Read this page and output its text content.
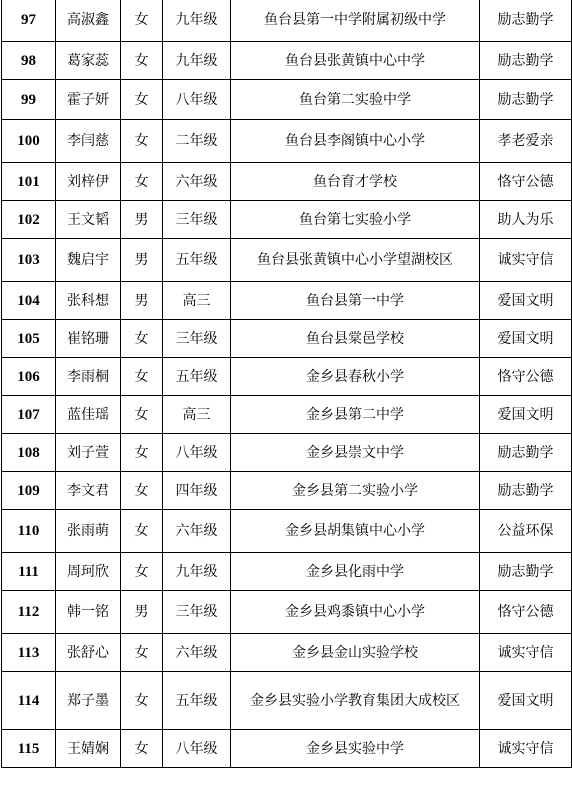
97	高淑鑫	女	九年级	鱼台县第一中学附属初级中学	励志勤学
98	葛家蕊	女	九年级	鱼台县张黄镇中心中学	励志勤学
99	霍子妍	女	八年级	鱼台第二实验中学	励志勤学
100	李闫慈	女	二年级	鱼台县李阁镇中心小学	孝老爱亲
101	刘梓伊	女	六年级	鱼台育才学校	恪守公德
102	王文韬	男	三年级	鱼台第七实验小学	助人为乐
103	魏启宇	男	五年级	鱼台县张黄镇中心小学望湖校区	诚实守信
104	张科想	男	高三	鱼台县第一中学	爱国文明
105	崔铭珊	女	三年级	鱼台县棠邑学校	爱国文明
106	李雨桐	女	五年级	金乡县春秋小学	恪守公德
107	蓝佳瑶	女	高三	金乡县第二中学	爱国文明
108	刘子萱	女	八年级	金乡县崇文中学	励志勤学
109	李文君	女	四年级	金乡县第二实验小学	励志勤学
110	张雨萌	女	六年级	金乡县胡集镇中心小学	公益环保
111	周珂欣	女	九年级	金乡县化雨中学	励志勤学
112	韩一铭	男	三年级	金乡县鸡黍镇中心小学	恪守公德
113	张舒心	女	六年级	金乡县金山实验学校	诚实守信
114	郑子墨	女	五年级	金乡县实验小学教育集团大成校区	爱国文明
115	王婧娴	女	八年级	金乡县实验中学	诚实守信
